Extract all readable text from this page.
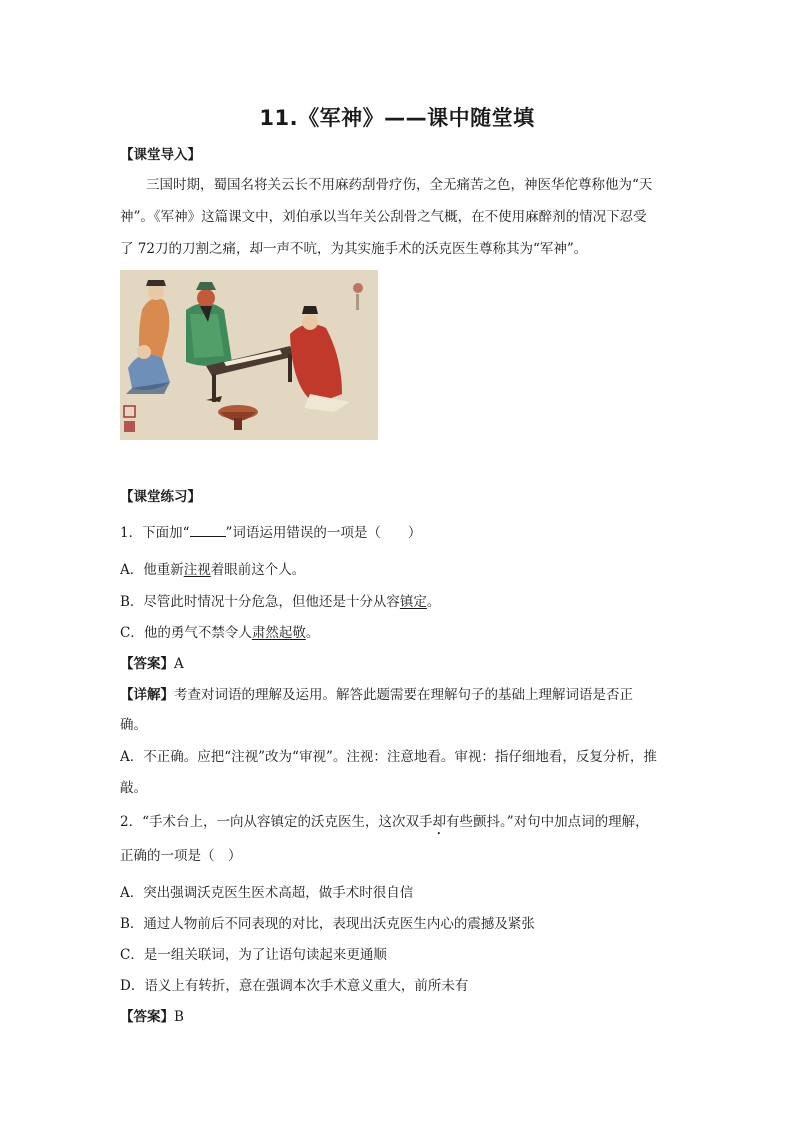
11.《军神》——课中随堂填
【课堂导入】
三国时期，蜀国名将关云长不用麻药刮骨疗伤，全无痛苦之色，神医华佗尊称他为“天
神”。《军神》这篇课文中，刘伯承以当年关公刮骨之气概，在不使用麻醉剂的情况下忍受
了 72刀的刀割之痛，却一声不吭，为其实施手术的沃克医生尊称其为“军神”。
【课堂练习】
1．下面加“	”词语运用错误的一项是（　　）
A．他重新注视着眼前这个人。
B．尽管此时情况十分危急，但他还是十分从容镇定。
C．他的勇气不禁令人肃然起敬。
【答案】A
【详解】考查对词语的理解及运用。解答此题需要在理解句子的基础上理解词语是否正
确。
A．不正确。应把“注视”改为“审视”。注视：注意地看。审视：指仔细地看，反复分析，推
敲。
2．“手术台上，一向从容镇定的沃克医生，这次双手却有些颤抖。”对句中加点词的理解，
正确的一项是（　）
A．突出强调沃克医生医术高超，做手术时很自信
B．通过人物前后不同表现的对比，表现出沃克医生内心的震撼及紧张
C．是一组关联词，为了让语句读起来更通顺
D．语义上有转折，意在强调本次手术意义重大，前所未有
【答案】B
